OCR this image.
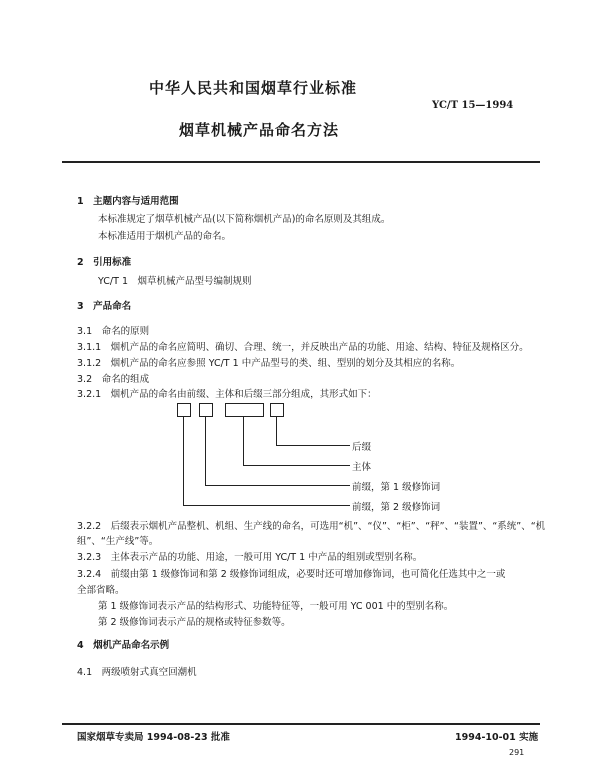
中华人民共和国烟草行业标准
YC/T 15—1994
烟草机械产品命名方法
1　主题内容与适用范围
本标准规定了烟草机械产品(以下简称烟机产品)的命名原则及其组成。
本标准适用于烟机产品的命名。
2　引用标准
YC/T 1　烟草机械产品型号编制规则
3　产品命名
3.1　命名的原则
3.1.1　烟机产品的命名应简明、确切、合理、统一，并反映出产品的功能、用途、结构、特征及规格区分。
3.1.2　烟机产品的命名应参照 YC/T 1 中产品型号的类、组、型别的划分及其相应的名称。
3.2　命名的组成
3.2.1　烟机产品的命名由前缀、主体和后缀三部分组成，其形式如下：
后缀
主体
前缀，第 1 级修饰词
前缀，第 2 级修饰词
3.2.2　后缀表示烟机产品整机、机组、生产线的命名，可选用“机”、“仪”、“柜”、“秤”、“装置”、“系统”、“机
组”、“生产线”等。
3.2.3　主体表示产品的功能、用途，一般可用 YC/T 1 中产品的组别或型别名称。
3.2.4　前缀由第 1 级修饰词和第 2 级修饰词组成，必要时还可增加修饰词，也可简化任选其中之一或
全部省略。
第 1 级修饰词表示产品的结构形式、功能特征等，一般可用 YC 001 中的型别名称。
第 2 级修饰词表示产品的规格或特征参数等。
4　烟机产品命名示例
4.1　两级喷射式真空回潮机
国家烟草专卖局 1994-08-23 批准	1994-10-01 实施
291
